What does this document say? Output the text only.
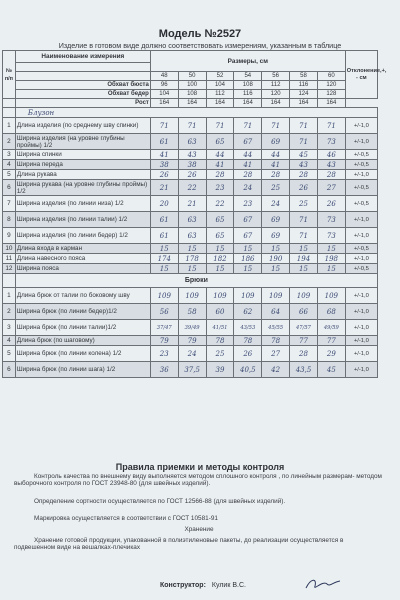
Модель №2527
Изделие в готовом виде должно соответствовать измерениям, указанным в таблице
№ п/п	Наименование измерения	Размеры, см							Отклонение,+, - см

		48	50	52	54	56	58	60	
	Обхват бюста	96	100	104	108	112	116	120	
	Обхват бедер	104	108	112	116	120	124	128	
	Рост	164	164	164	164	164	164	164	
	Блузон								
1	Длина изделия (по среднему шву спинки)	71	71	71	71	71	71	71	+/-1,0
2	Ширина изделия (на уровне глубины проймы) 1/2	61	63	65	67	69	71	73	+/-1,0
3	Ширина спинки	41	43	44	44	44	45	46	+/-0,5
4	Ширина переда	38	38	41	41	41	43	43	+/-0,5
5	Длина рукава	26	26	28	28	28	28	28	+/-1,0
6	Ширина рукава (на уровне глубины проймы) 1/2	21	22	23	24	25	26	27	+/-0,5
7	Ширина изделия (по линии низа) 1/2	20	21	22	23	24	25	26	+/-0,5
8	Ширина изделия (по линии талии) 1/2	61	63	65	67	69	71	73	+/-1,0
9	Ширина изделия (по линии бедер) 1/2	61	63	65	67	69	71	73	+/-1,0
10	Длина входа в карман	15	15	15	15	15	15	15	+/-0,5
11	Длина навесного пояса	174	178	182	186	190	194	198	+/-1,0
12	Ширина пояса	15	15	15	15	15	15	15	+/-0,5
	Брюки								
1	Длина брюк от талии по боковому шву	109	109	109	109	109	109	109	+/-1,0
2	Ширина брюк (по линии бедер)1/2	56	58	60	62	64	66	68	+/-1,0
3	Ширина брюк (по линии талии)1/2	37/47	39/49	41/51	43/53	45/55	47/57	49/59	+/-1,0
4	Длина брюк (по шаговому)	79	79	78	78	78	77	77	+/-1,0
5	Ширина брюк (по линии колена) 1/2	23	24	25	26	27	28	29	+/-1,0
6	Ширина брюк (по линии шага) 1/2	36	37,5	39	40,5	42	43,5	45	+/-1,0
Правила приемки и методы контроля
Контроль качества по внешнему виду выполняется методом сплошного контроля , по линейным размерам- методом выборочного контроля по ГОСТ 23948-80 (для швейных изделий).
Определение сортности осуществляется по ГОСТ 12566-88 (для швейных изделий).
Маркировка осуществляется в соответствии с ГОСТ 10581-91
Хранение
Хранение готовой продукции, упакованной в полиэтиленовые пакеты, до реализации осуществляется в подвешенном виде на вешалках-плечиках
Конструктор: Кулик В.С.
